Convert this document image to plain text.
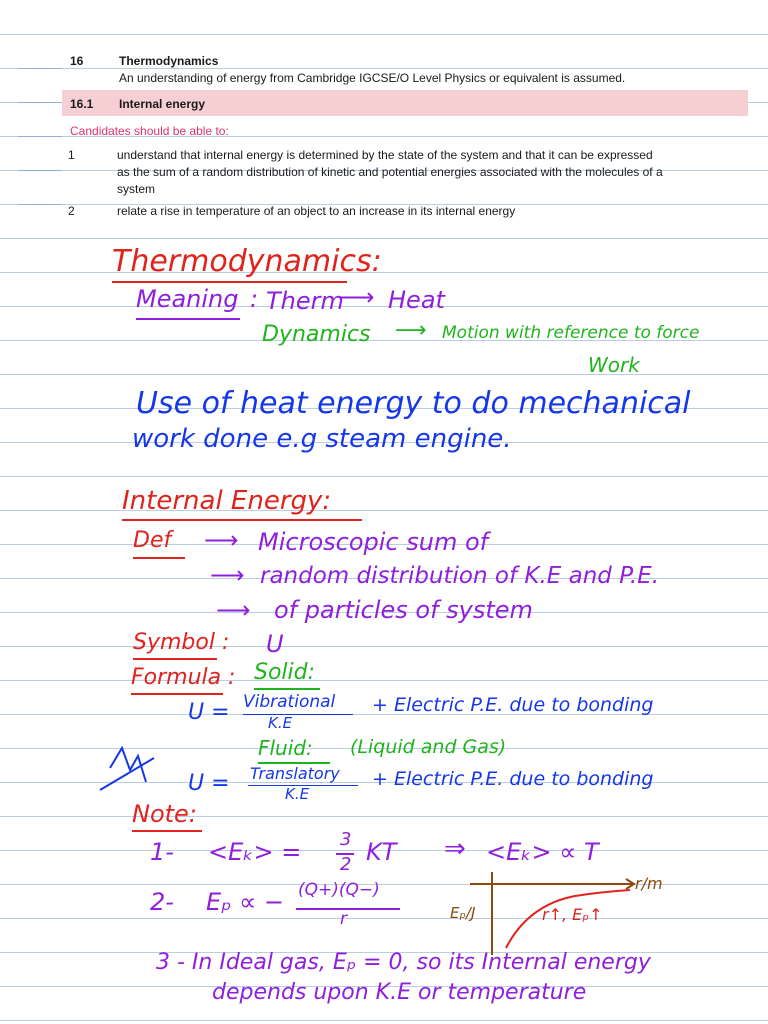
16	Thermodynamics
An understanding of energy from Cambridge IGCSE/O Level Physics or equivalent is assumed.
16.1 Internal energy
Candidates should be able to:
1	understand that internal energy is determined by the state of the system and that it can be expressed
as the sum of a random distribution of kinetic and potential energies associated with the molecules of a
system
2	relate a rise in temperature of an object to an increase in its internal energy
Thermodynamics:
Meaning : Therm
⟶ Heat
Dynamics ⟶ Motion with reference to force
Work
Use of heat energy to do mechanical
work done e.g steam engine.
Internal Energy:
Def ⟶ Microscopic sum of
⟶ random distribution of K.E and P.E.
⟶ of particles of system
Symbol : U
Formula : Solid:
U = Vibrational
K.E
+ Electric P.E. due to bonding
Fluid: (Liquid and Gas)
U = Translatory
K.E
+ Electric P.E. due to bonding
Note:
1- <Eₖ> = 3
2 KT ⇒ <Eₖ> ∝ T
2- Eₚ ∝ − (Q+)(Q−)
r
r/m
Eₚ/J	r↑, Eₚ↑
3 - In Ideal gas, Eₚ = 0, so its Internal energy
depends upon K.E or temperature
